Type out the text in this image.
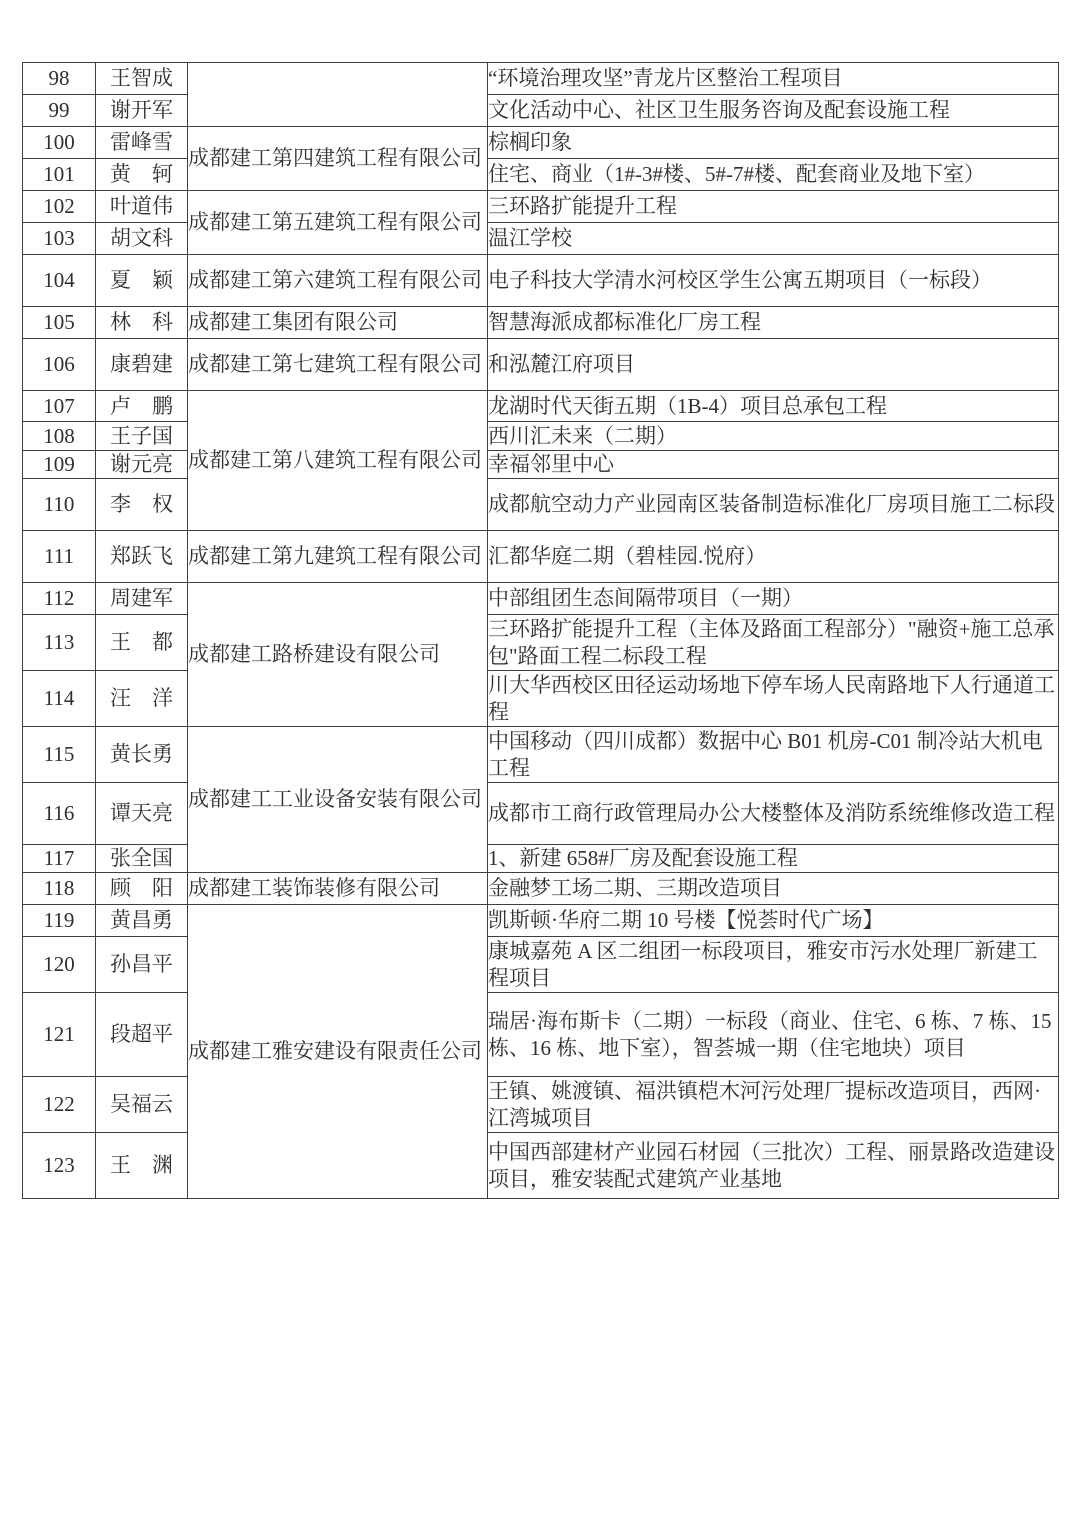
98	王智成		“环境治理攻坚”青龙片区整治工程项目
99	谢开军		文化活动中心、社区卫生服务咨询及配套设施工程
100	雷峰雪	成都建工第四建筑工程有限公司	棕榈印象
101	黄　轲		住宅、商业（1#-3#楼、5#-7#楼、配套商业及地下室）
102	叶道伟	成都建工第五建筑工程有限公司	三环路扩能提升工程
103	胡文科		温江学校
104	夏　颖	成都建工第六建筑工程有限公司	电子科技大学清水河校区学生公寓五期项目（一标段）
105	林　科	成都建工集团有限公司	智慧海派成都标准化厂房工程
106	康碧建	成都建工第七建筑工程有限公司	和泓麓江府项目
107	卢　鹏	成都建工第八建筑工程有限公司	龙湖时代天街五期（1B-4）项目总承包工程
108	王子国		西川汇未来（二期）
109	谢元亮		幸福邻里中心
110	李　权		成都航空动力产业园南区装备制造标准化厂房项目施工二标段
111	郑跃飞	成都建工第九建筑工程有限公司	汇都华庭二期（碧桂园.悦府）
112	周建军	成都建工路桥建设有限公司	中部组团生态间隔带项目（一期）
113	王　都		三环路扩能提升工程（主体及路面工程部分）"融资+施工总承包"路面工程二标段工程
114	汪　洋		川大华西校区田径运动场地下停车场人民南路地下人行通道工程
115	黄长勇	成都建工工业设备安装有限公司	中国移动（四川成都）数据中心 B01 机房-C01 制冷站大机电工程
116	谭天亮		成都市工商行政管理局办公大楼整体及消防系统维修改造工程
117	张全国		1、新建 658#厂房及配套设施工程
118	顾　阳	成都建工装饰装修有限公司	金融梦工场二期、三期改造项目
119	黄昌勇	成都建工雅安建设有限责任公司	凯斯顿·华府二期 10 号楼【悦荟时代广场】
120	孙昌平		康城嘉苑 A 区二组团一标段项目，雅安市污水处理厂新建工程项目
121	段超平		瑞居·海布斯卡（二期）一标段（商业、住宅、6 栋、7 栋、15 栋、16 栋、地下室），智荟城一期（住宅地块）项目
122	吴福云		王镇、姚渡镇、福洪镇桤木河污处理厂提标改造项目，西网·江湾城项目
123	王　渊		中国西部建材产业园石材园（三批次）工程、丽景路改造建设项目，雅安装配式建筑产业基地
